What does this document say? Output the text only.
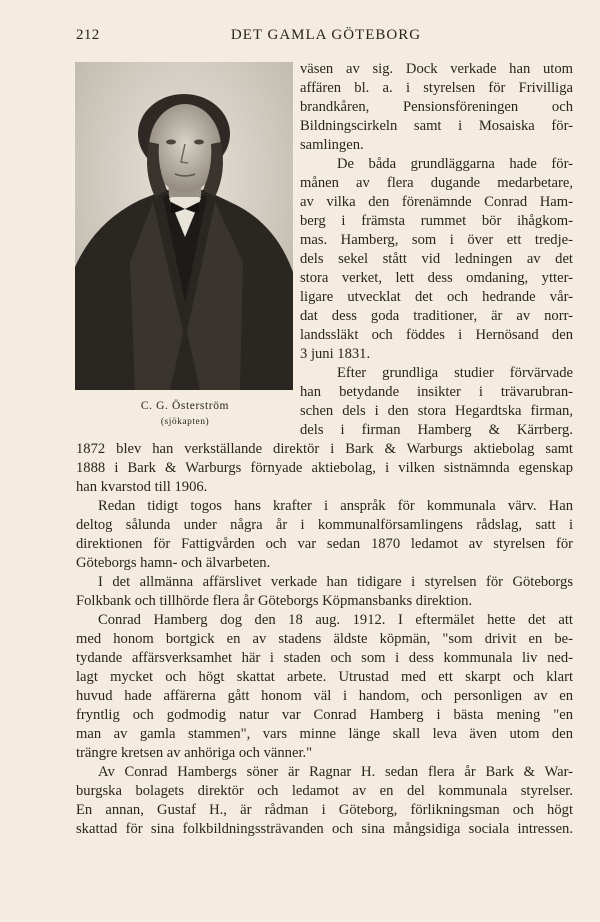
212	DET GAMLA GÖTEBORG
C. G. Österström
(sjökapten)
väsen av sig. Dock verkade han utom
affären bl. a. i styrelsen för Frivilliga
brandkåren, Pensionsföreningen och
Bildningscirkeln samt i Mosaiska för-
samlingen.
De båda grundläggarna hade för-
månen av flera dugande medarbetare,
av vilka den förenämnde Conrad Ham-
berg i främsta rummet bör ihågkom-
mas. Hamberg, som i över ett tredje-
dels sekel stått vid ledningen av det
stora verket, lett dess omdaning, ytter-
ligare utvecklat det och hedrande vår-
dat dess goda traditioner, är av norr-
landssläkt och föddes i Hernösand den
3 juni 1831.
Efter grundliga studier förvärvade
han betydande insikter i trävarubran-
schen dels i den stora Hegardtska firman,
dels i firman Hamberg & Kärrberg.
1872 blev han verkställande direktör i Bark & Warburgs aktiebolag samt
1888 i Bark & Warburgs förnyade aktiebolag, i vilken sistnämnda egenskap
han kvarstod till 1906.
Redan tidigt togos hans krafter i anspråk för kommunala värv. Han
deltog sålunda under några år i kommunalförsamlingens rådslag, satt i
direktionen för Fattigvården och var sedan 1870 ledamot av styrelsen för
Göteborgs hamn- och älvarbeten.
I det allmänna affärslivet verkade han tidigare i styrelsen för Göteborgs
Folkbank och tillhörde flera år Göteborgs Köpmansbanks direktion.
Conrad Hamberg dog den 18 aug. 1912. I eftermälet hette det att
med honom bortgick en av stadens äldste köpmän, "som drivit en be-
tydande affärsverksamhet här i staden och som i dess kommunala liv ned-
lagt mycket och högt skattat arbete. Utrustad med ett skarpt och klart
huvud hade affärerna gått honom väl i handom, och personligen av en
fryntlig och godmodig natur var Conrad Hamberg i bästa mening "en
man av gamla stammen", vars minne länge skall leva även utom den
trängre kretsen av anhöriga och vänner."
Av Conrad Hambergs söner är Ragnar H. sedan flera år Bark & War-
burgska bolagets direktör och ledamot av en del kommunala styrelser.
En annan, Gustaf H., är rådman i Göteborg, förlikningsman och högt
skattad för sina folkbildningssträvanden och sina mångsidiga sociala intressen.
